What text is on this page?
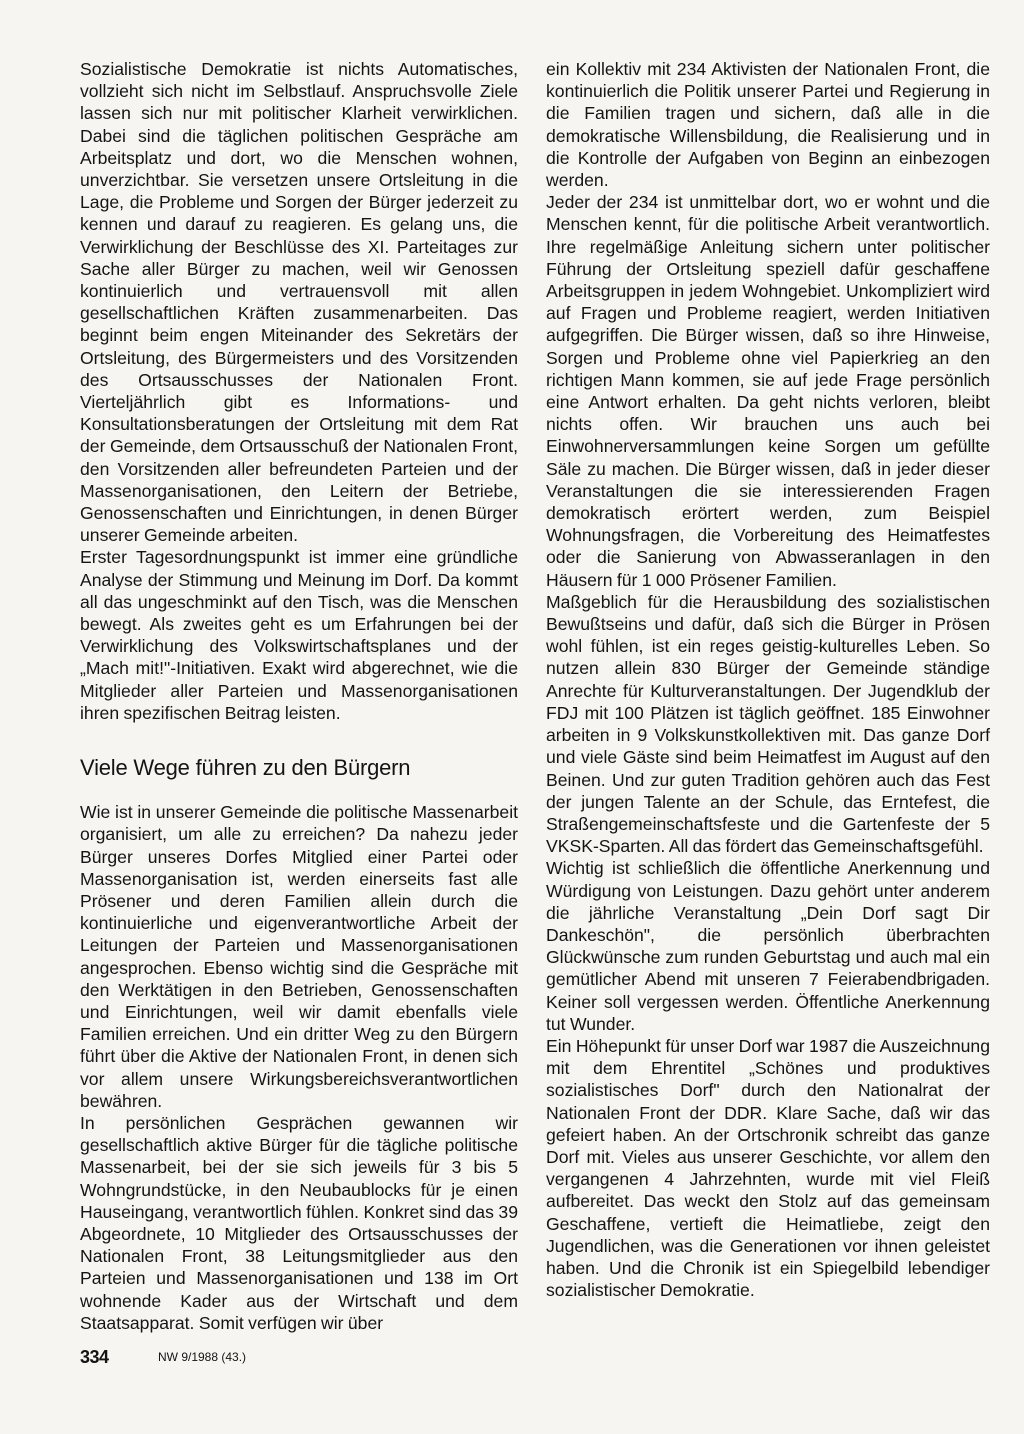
Sozialistische Demokratie ist nichts Automatisches, vollzieht sich nicht im Selbstlauf. Anspruchsvolle Ziele lassen sich nur mit politischer Klarheit verwirklichen. Dabei sind die täglichen politischen Gespräche am Arbeitsplatz und dort, wo die Menschen wohnen, unverzichtbar. Sie versetzen unsere Ortsleitung in die Lage, die Probleme und Sorgen der Bürger jederzeit zu kennen und darauf zu reagieren. Es gelang uns, die Verwirklichung der Beschlüsse des XI. Parteitages zur Sache aller Bürger zu machen, weil wir Genossen kontinuierlich und vertrauensvoll mit allen gesellschaftlichen Kräften zusammenarbeiten. Das beginnt beim engen Miteinander des Sekretärs der Ortsleitung, des Bürgermeisters und des Vorsitzenden des Ortsausschusses der Nationalen Front. Vierteljährlich gibt es Informations- und Konsultationsberatungen der Ortsleitung mit dem Rat der Gemeinde, dem Ortsausschuß der Nationalen Front, den Vorsitzenden aller befreundeten Parteien und der Massenorganisationen, den Leitern der Betriebe, Genossenschaften und Einrichtungen, in denen Bürger unserer Gemeinde arbeiten.

Erster Tagesordnungspunkt ist immer eine gründliche Analyse der Stimmung und Meinung im Dorf. Da kommt all das ungeschminkt auf den Tisch, was die Menschen bewegt. Als zweites geht es um Erfahrungen bei der Verwirklichung des Volkswirtschaftsplanes und der „Mach mit!"-Initiativen. Exakt wird abgerechnet, wie die Mitglieder aller Parteien und Massenorganisationen ihren spezifischen Beitrag leisten.

Viele Wege führen zu den Bürgern

Wie ist in unserer Gemeinde die politische Massenarbeit organisiert, um alle zu erreichen? Da nahezu jeder Bürger unseres Dorfes Mitglied einer Partei oder Massenorganisation ist, werden einerseits fast alle Prösener und deren Familien allein durch die kontinuierliche und eigenverantwortliche Arbeit der Leitungen der Parteien und Massenorganisationen angesprochen. Ebenso wichtig sind die Gespräche mit den Werktätigen in den Betrieben, Genossenschaften und Einrichtungen, weil wir damit ebenfalls viele Familien erreichen. Und ein dritter Weg zu den Bürgern führt über die Aktive der Nationalen Front, in denen sich vor allem unsere Wirkungsbereichsverantwortlichen bewähren.

In persönlichen Gesprächen gewannen wir gesellschaftlich aktive Bürger für die tägliche politische Massenarbeit, bei der sie sich jeweils für 3 bis 5 Wohngrundstücke, in den Neubaublocks für je einen Hauseingang, verantwortlich fühlen. Konkret sind das 39 Abgeordnete, 10 Mitglieder des Ortsausschusses der Nationalen Front, 38 Leitungsmitglieder aus den Parteien und Massenorganisationen und 138 im Ort wohnende Kader aus der Wirtschaft und dem Staatsapparat. Somit verfügen wir über

ein Kollektiv mit 234 Aktivisten der Nationalen Front, die kontinuierlich die Politik unserer Partei und Regierung in die Familien tragen und sichern, daß alle in die demokratische Willensbildung, die Realisierung und in die Kontrolle der Aufgaben von Beginn an einbezogen werden.

Jeder der 234 ist unmittelbar dort, wo er wohnt und die Menschen kennt, für die politische Arbeit verantwortlich. Ihre regelmäßige Anleitung sichern unter politischer Führung der Ortsleitung speziell dafür geschaffene Arbeitsgruppen in jedem Wohngebiet. Unkompliziert wird auf Fragen und Probleme reagiert, werden Initiativen aufgegriffen. Die Bürger wissen, daß so ihre Hinweise, Sorgen und Probleme ohne viel Papierkrieg an den richtigen Mann kommen, sie auf jede Frage persönlich eine Antwort erhalten. Da geht nichts verloren, bleibt nichts offen. Wir brauchen uns auch bei Einwohnerversammlungen keine Sorgen um gefüllte Säle zu machen. Die Bürger wissen, daß in jeder dieser Veranstaltungen die sie interessierenden Fragen demokratisch erörtert werden, zum Beispiel Wohnungsfragen, die Vorbereitung des Heimatfestes oder die Sanierung von Abwasseranlagen in den Häusern für 1 000 Prösener Familien.

Maßgeblich für die Herausbildung des sozialistischen Bewußtseins und dafür, daß sich die Bürger in Prösen wohl fühlen, ist ein reges geistig-kulturelles Leben. So nutzen allein 830 Bürger der Gemeinde ständige Anrechte für Kulturveranstaltungen. Der Jugendklub der FDJ mit 100 Plätzen ist täglich geöffnet. 185 Einwohner arbeiten in 9 Volkskunstkollektiven mit. Das ganze Dorf und viele Gäste sind beim Heimatfest im August auf den Beinen. Und zur guten Tradition gehören auch das Fest der jungen Talente an der Schule, das Erntefest, die Straßengemeinschaftsfeste und die Gartenfeste der 5 VKSK-Sparten. All das fördert das Gemeinschaftsgefühl.

Wichtig ist schließlich die öffentliche Anerkennung und Würdigung von Leistungen. Dazu gehört unter anderem die jährliche Veranstaltung „Dein Dorf sagt Dir Dankeschön", die persönlich überbrachten Glückwünsche zum runden Geburtstag und auch mal ein gemütlicher Abend mit unseren 7 Feierabendbrigaden. Keiner soll vergessen werden. Öffentliche Anerkennung tut Wunder.

Ein Höhepunkt für unser Dorf war 1987 die Auszeichnung mit dem Ehrentitel „Schönes und produktives sozialistisches Dorf" durch den Nationalrat der Nationalen Front der DDR. Klare Sache, daß wir das gefeiert haben. An der Ortschronik schreibt das ganze Dorf mit. Vieles aus unserer Geschichte, vor allem den vergangenen 4 Jahrzehnten, wurde mit viel Fleiß aufbereitet. Das weckt den Stolz auf das gemeinsam Geschaffene, vertieft die Heimatliebe, zeigt den Jugendlichen, was die Generationen vor ihnen geleistet haben. Und die Chronik ist ein Spiegelbild lebendiger sozialistischer Demokratie.

334	NW 9/1988 (43.)
